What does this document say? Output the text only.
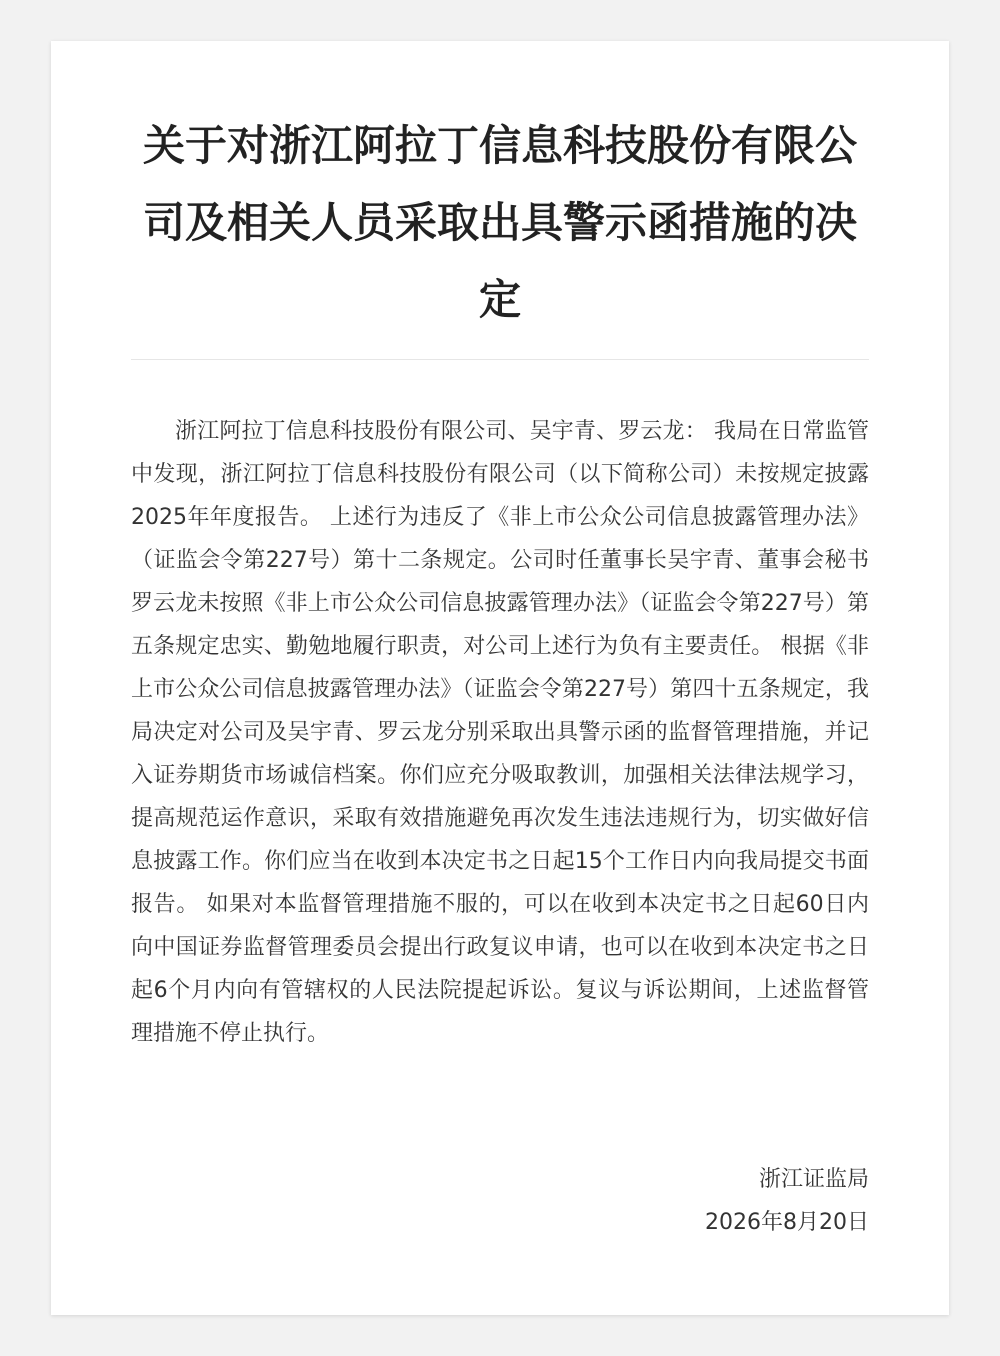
关于对浙江阿拉丁信息科技股份有限公司及相关人员采取出具警示函措施的决定

浙江阿拉丁信息科技股份有限公司、吴宇青、罗云龙： 我局在日常监管中发现，浙江阿拉丁信息科技股份有限公司（以下简称公司）未按规定披露2025年年度报告。 上述行为违反了《非上市公众公司信息披露管理办法》（证监会令第227号）第十二条规定。公司时任董事长吴宇青、董事会秘书罗云龙未按照《非上市公众公司信息披露管理办法》（证监会令第227号）第五条规定忠实、勤勉地履行职责，对公司上述行为负有主要责任。 根据《非上市公众公司信息披露管理办法》（证监会令第227号）第四十五条规定，我局决定对公司及吴宇青、罗云龙分别采取出具警示函的监督管理措施，并记入证券期货市场诚信档案。你们应充分吸取教训，加强相关法律法规学习，提高规范运作意识，采取有效措施避免再次发生违法违规行为，切实做好信息披露工作。你们应当在收到本决定书之日起15个工作日内向我局提交书面报告。 如果对本监督管理措施不服的，可以在收到本决定书之日起60日内向中国证券监督管理委员会提出行政复议申请，也可以在收到本决定书之日起6个月内向有管辖权的人民法院提起诉讼。复议与诉讼期间，上述监督管理措施不停止执行。

浙江证监局
2026年8月20日
